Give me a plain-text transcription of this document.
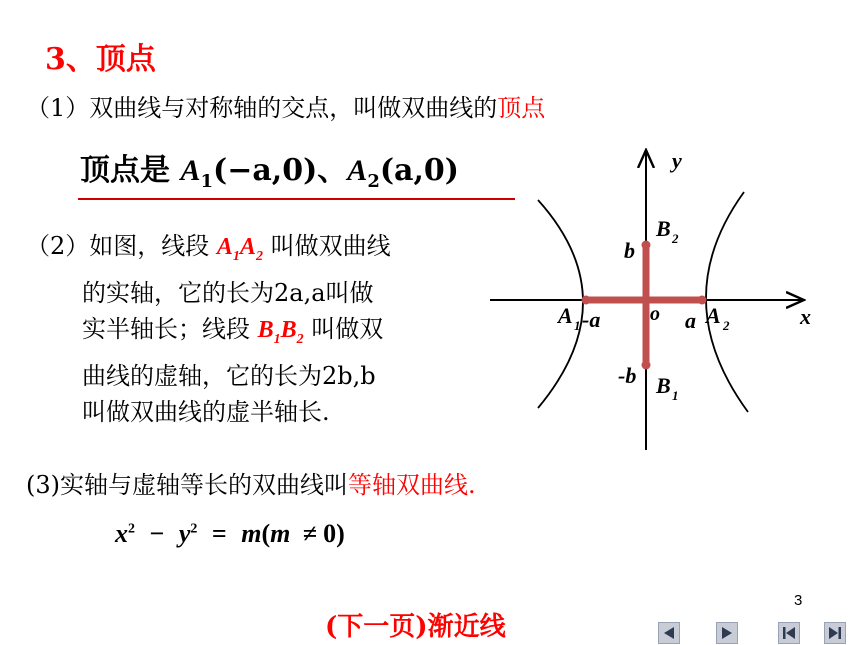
3、顶点
（1）双曲线与对称轴的交点，叫做双曲线的顶点
顶点是 $A_1(-a,0)$、$A_2(a,0)$
（2）如图，线段 $A_1A_2$ 叫做双曲线
的实轴，它的长为2a,a叫做
实半轴长；线段 $B_1B_2$ 叫做双
曲线的虚轴，它的长为2b,b
叫做双曲线的虚半轴长.
y
x
o
B 2
b
A 1 -a	a A 2
-b B 1
(3)实轴与虚轴等长的双曲线叫等轴双曲线.
$x^2 - y^2 = m(m \ne 0)$
3
(下一页)渐近线
